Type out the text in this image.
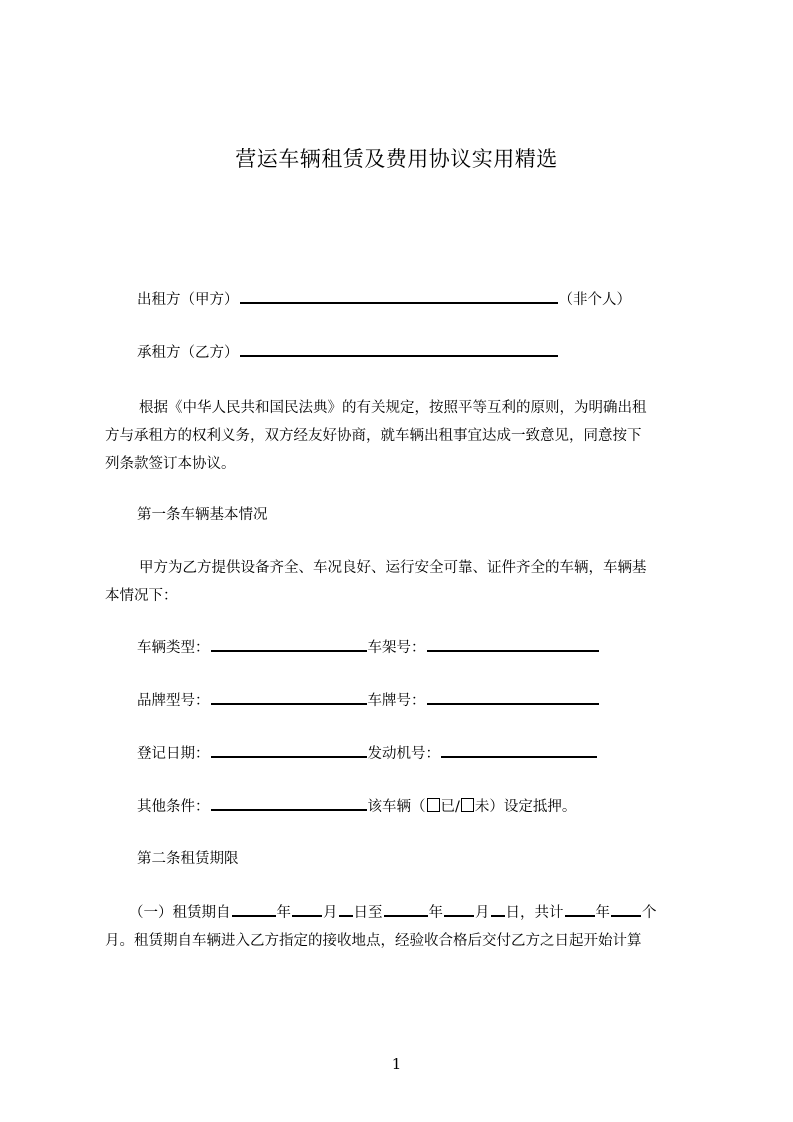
营运车辆租赁及费用协议实用精选
出租方（甲方）	（非个人）
承租方（乙方）
根据《中华人民共和国民法典》的有关规定，按照平等互利的原则，为明确出租
方与承租方的权利义务，双方经友好协商，就车辆出租事宜达成一致意见，同意按下
列条款签订本协议。
第一条车辆基本情况
甲方为乙方提供设备齐全、车况良好、运行安全可靠、证件齐全的车辆，车辆基
本情况下：
车辆类型：	车架号：
品牌型号：	车牌号：
登记日期：	发动机号：
其他条件：	该车辆（ 已/ 未）设定抵押。
第二条租赁期限
（一）租赁期自	年 月 日至	年 月 日，共计 年 个
月。租赁期自车辆进入乙方指定的接收地点，经验收合格后交付乙方之日起开始计算
1
